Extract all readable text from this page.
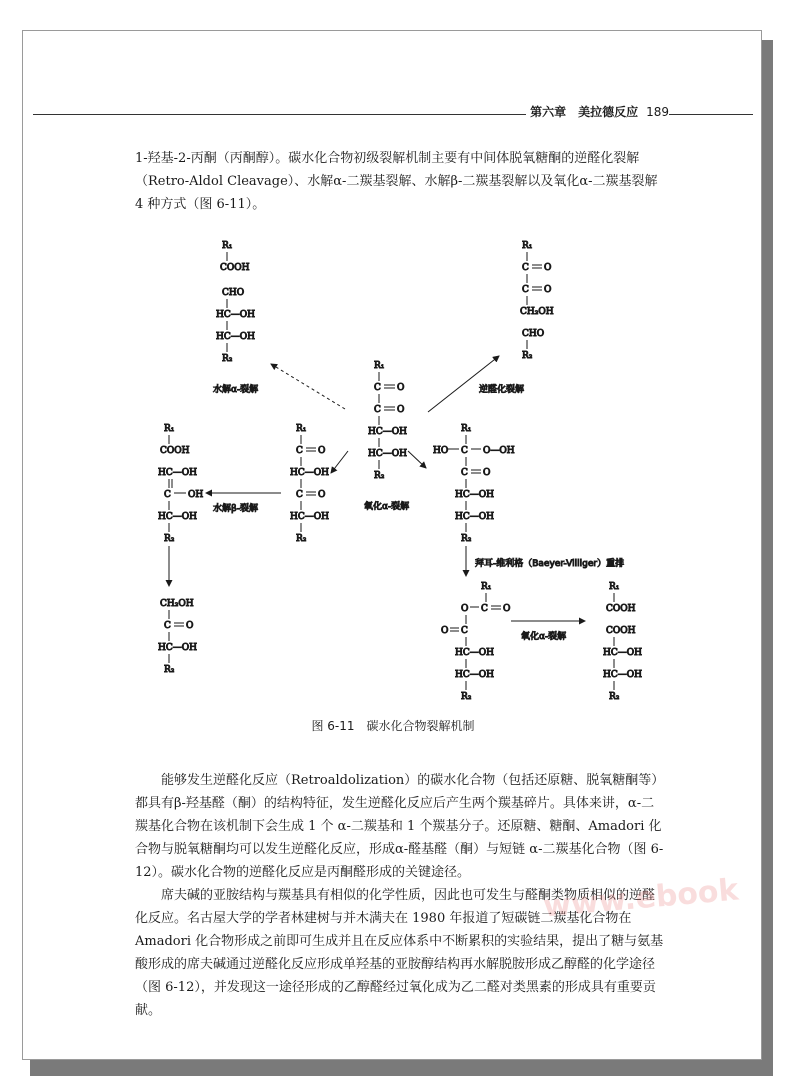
第六章　美拉德反应 189

1-羟基-2-丙酮（丙酮醇）。碳水化合物初级裂解机制主要有中间体脱氧糖酮的逆醛化裂解（Retro-Aldol Cleavage）、水解α-二羰基裂解、水解β-二羰基裂解以及氧化α-二羰基裂解 4 种方式（图 6-11）。

R₁
C O
C O
HC—OH
HC—OH
R₂
R₁
COOH
CHO
HC—OH
HC—OH
R₂
水解α-裂解
R₁
C O
C O
CH₂OH
CHO
R₂
逆醛化裂解
R₁
C O
HC—OH
C O
HC—OH
R₂
R₁
COOH
HC—OH
C OH
HC—OH
R₂
CH₂OH
C O
HC—OH
R₂
水解β-裂解	氧化α-裂解
R₁
HO C O—OH
C O
HC—OH
HC—OH
R₂
拜耳-维利格（Baeyer-Villiger）重排
R₁
O C O
O C
HC—OH
HC—OH
R₂
氧化α-裂解
R₁
COOH
COOH
HC—OH
HC—OH
R₂
图 6-11　碳水化合物裂解机制

能够发生逆醛化反应（Retroaldolization）的碳水化合物（包括还原糖、脱氧糖酮等）都具有β-羟基醛（酮）的结构特征，发生逆醛化反应后产生两个羰基碎片。具体来讲，α-二羰基化合物在该机制下会生成 1 个 α-二羰基和 1 个羰基分子。还原糖、糖酮、Amadori 化合物与脱氧糖酮均可以发生逆醛化反应，形成α-醛基醛（酮）与短链 α-二羰基化合物（图 6-12）。碳水化合物的逆醛化反应是丙酮醛形成的关键途径。

席夫碱的亚胺结构与羰基具有相似的化学性质，因此也可发生与醛酮类物质相似的逆醛化反应。名古屋大学的学者林建树与并木满夫在 1980 年报道了短碳链二羰基化合物在 Amadori 化合物形成之前即可生成并且在反应体系中不断累积的实验结果，提出了糖与氨基酸形成的席夫碱通过逆醛化反应形成单羟基的亚胺醇结构再水解脱胺形成乙醇醛的化学途径（图 6-12），并发现这一途径形成的乙醇醛经过氧化成为乙二醛对类黑素的形成具有重要贡献。

www.ebook
